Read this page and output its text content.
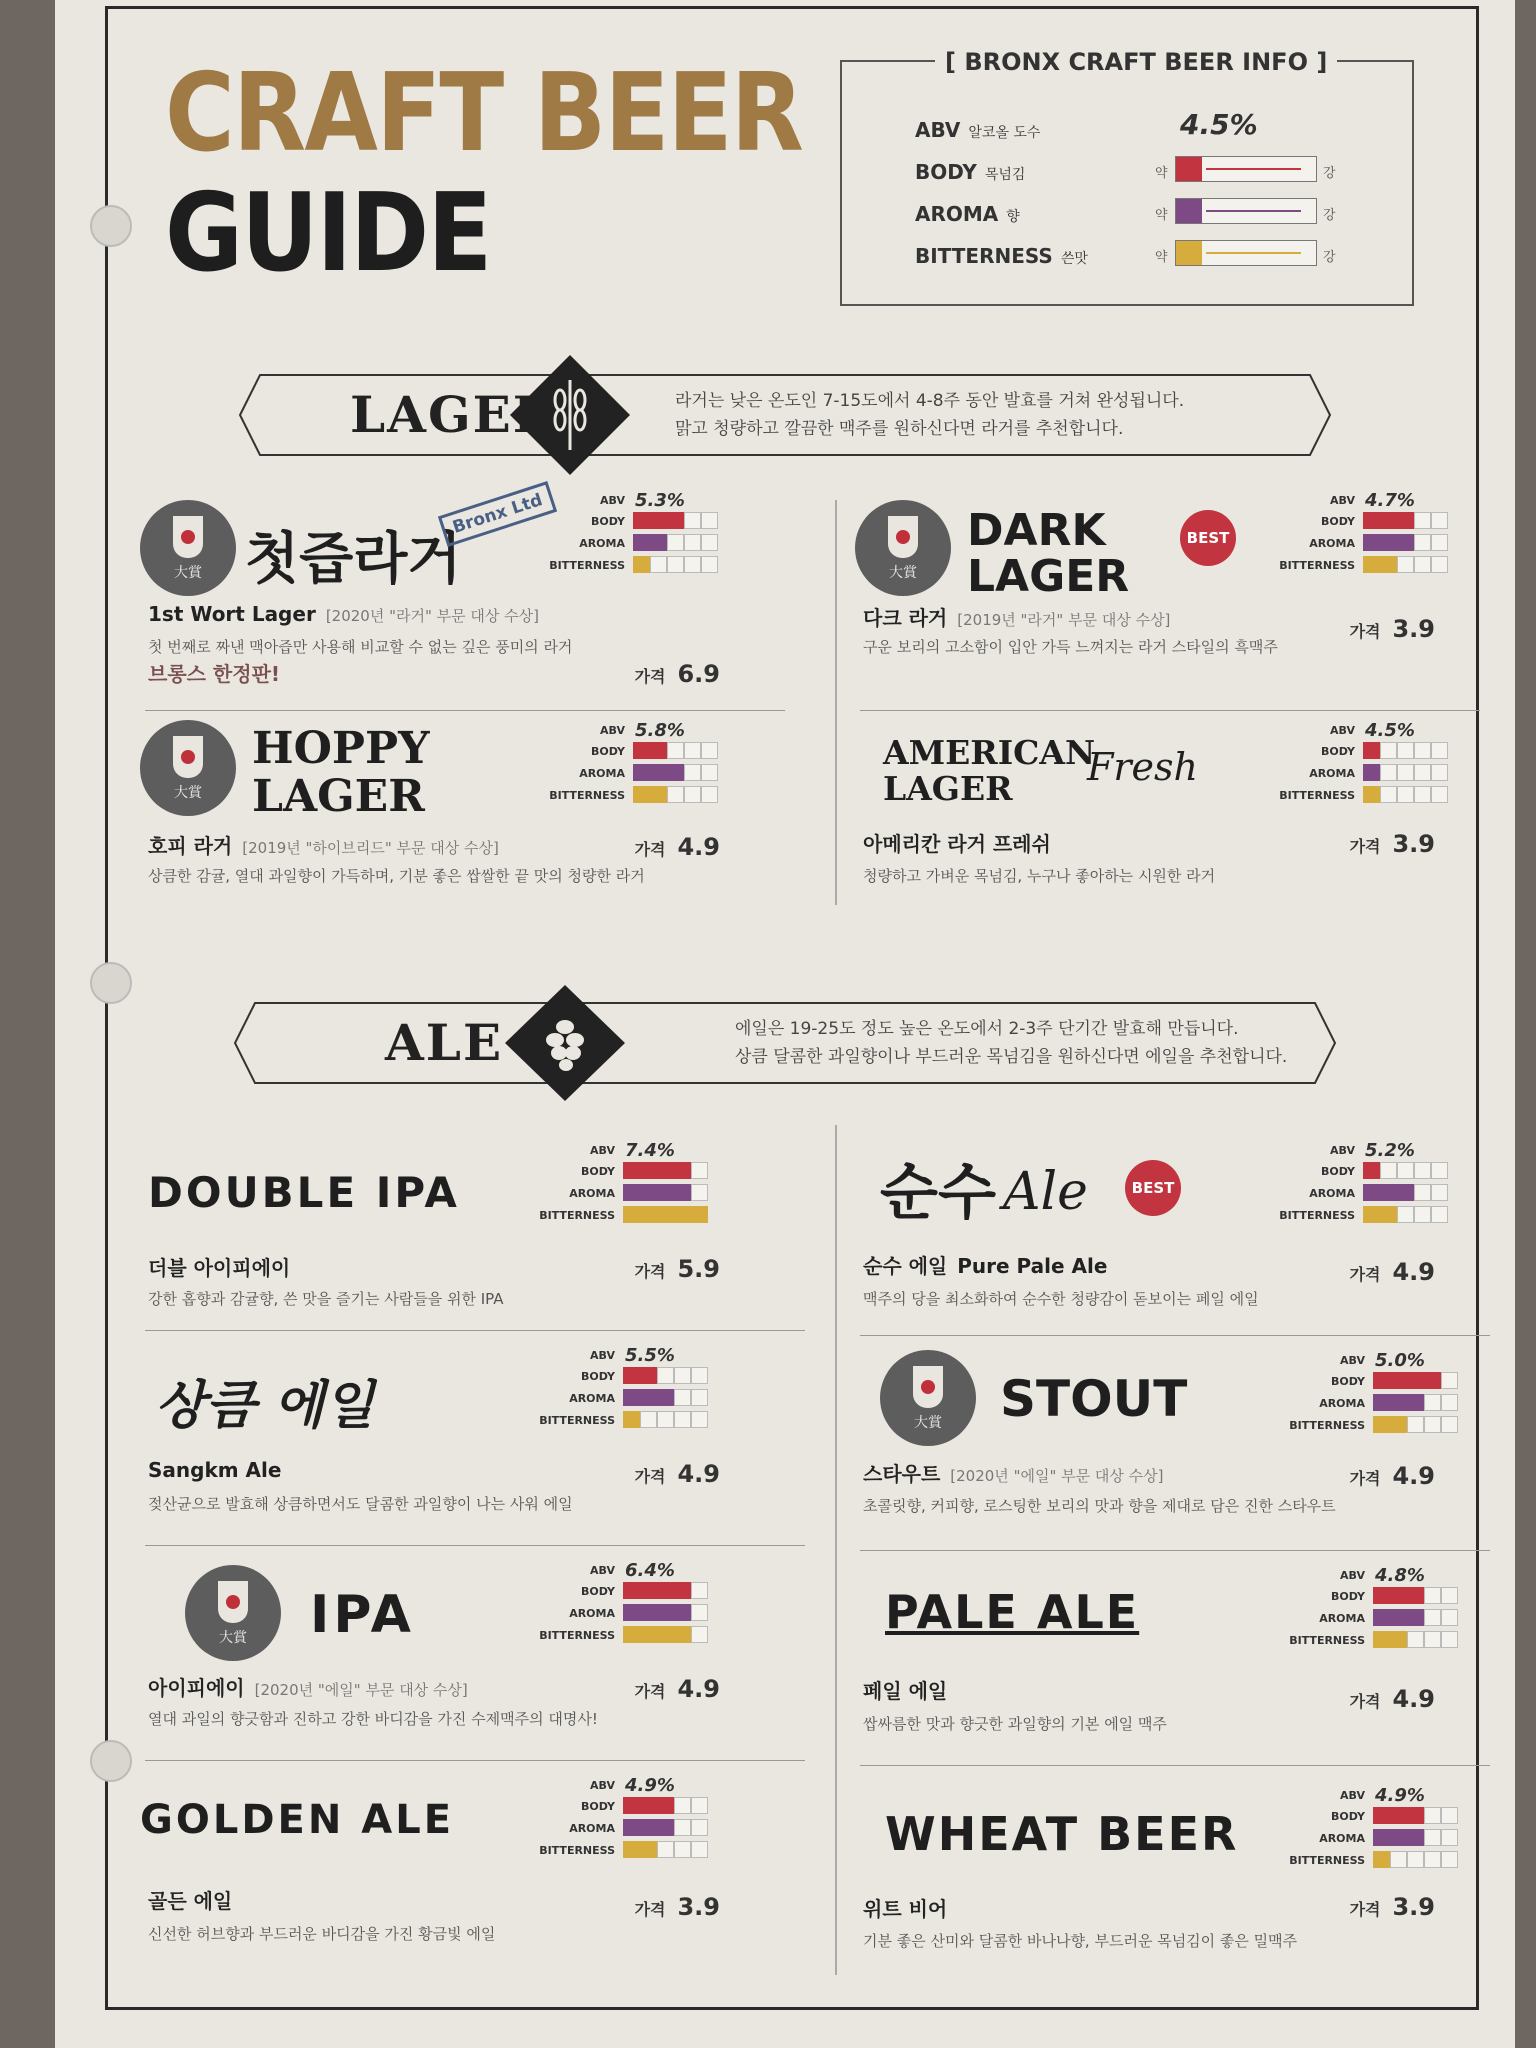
CRAFT BEER
GUIDE
[ BRONX CRAFT BEER INFO ]
ABV 알코올 도수	4.5%
BODY 목넘김
AROMA 향
BITTERNESS 쓴맛
약	강
약	강
약	강
LAGER	라거는 낮은 온도인 7-15도에서 4-8주 동안 발효를 거쳐 완성됩니다.
맑고 청량하고 깔끔한 맥주를 원하신다면 라거를 추천합니다.
大賞 첫즙라거
Bronx Ltd	ABV 5.3%
BODY
AROMA
BITTERNESS
1st Wort Lager [2020년 "라거" 부문 대상 수상]
첫 번째로 짜낸 맥아즙만 사용해 비교할 수 없는 깊은 풍미의 라거
브롱스 한정판!	가격 6.9
大賞
DARK
LAGER
BEST
ABV 4.7%
BODY
AROMA
BITTERNESS
다크 라거 [2019년 "라거" 부문 대상 수상]
구운 보리의 고소함이 입안 가득 느껴지는 라거 스타일의 흑맥주
가격 3.9
大賞
HOPPY
LAGER
ABV 5.8%
BODY
AROMA
BITTERNESS
호피 라거 [2019년 "하이브리드" 부문 대상 수상]
상큼한 감귤, 열대 과일향이 가득하며, 기분 좋은 쌉쌀한 끝 맛의 청량한 라거
가격 4.9
AMERICAN
LAGER	Fresh
ABV 4.5%
BODY
AROMA
BITTERNESS
아메리칸 라거 프레쉬
청량하고 가벼운 목넘김, 누구나 좋아하는 시원한 라거
가격 3.9
ALE	에일은 19-25도 정도 높은 온도에서 2-3주 단기간 발효해 만듭니다.
상큼 달콤한 과일향이나 부드러운 목넘김을 원하신다면 에일을 추천합니다.
DOUBLE IPA
ABV 7.4%
BODY
AROMA
BITTERNESS
더블 아이피에이
강한 홉향과 감귤향, 쓴 맛을 즐기는 사람들을 위한 IPA
가격 5.9
순수 Ale	BEST
ABV 5.2%
BODY
AROMA
BITTERNESS
순수 에일 Pure Pale Ale
맥주의 당을 최소화하여 순수한 청량감이 돋보이는 페일 에일
가격 4.9
상큼 에일
ABV 5.5%
BODY
AROMA
BITTERNESS
Sangkm Ale
젖산균으로 발효해 상큼하면서도 달콤한 과일향이 나는 사워 에일
가격 4.9
大賞	STOUT
ABV 5.0%
BODY
AROMA
BITTERNESS
스타우트 [2020년 "에일" 부문 대상 수상]
초콜릿향, 커피향, 로스팅한 보리의 맛과 향을 제대로 담은 진한 스타우트
가격 4.9
大賞	IPA
ABV 6.4%
BODY
AROMA
BITTERNESS
아이피에이 [2020년 "에일" 부문 대상 수상]
열대 과일의 향긋함과 진하고 강한 바디감을 가진 수제맥주의 대명사!
가격 4.9
PALE ALE
ABV 4.8%
BODY
AROMA
BITTERNESS
페일 에일
쌉싸름한 맛과 향긋한 과일향의 기본 에일 맥주
가격 4.9
GOLDEN ALE
ABV 4.9%
BODY
AROMA
BITTERNESS
골든 에일
신선한 허브향과 부드러운 바디감을 가진 황금빛 에일
가격 3.9
WHEAT BEER
ABV 4.9%
BODY
AROMA
BITTERNESS
위트 비어
기분 좋은 산미와 달콤한 바나나향, 부드러운 목넘김이 좋은 밀맥주
가격 3.9
